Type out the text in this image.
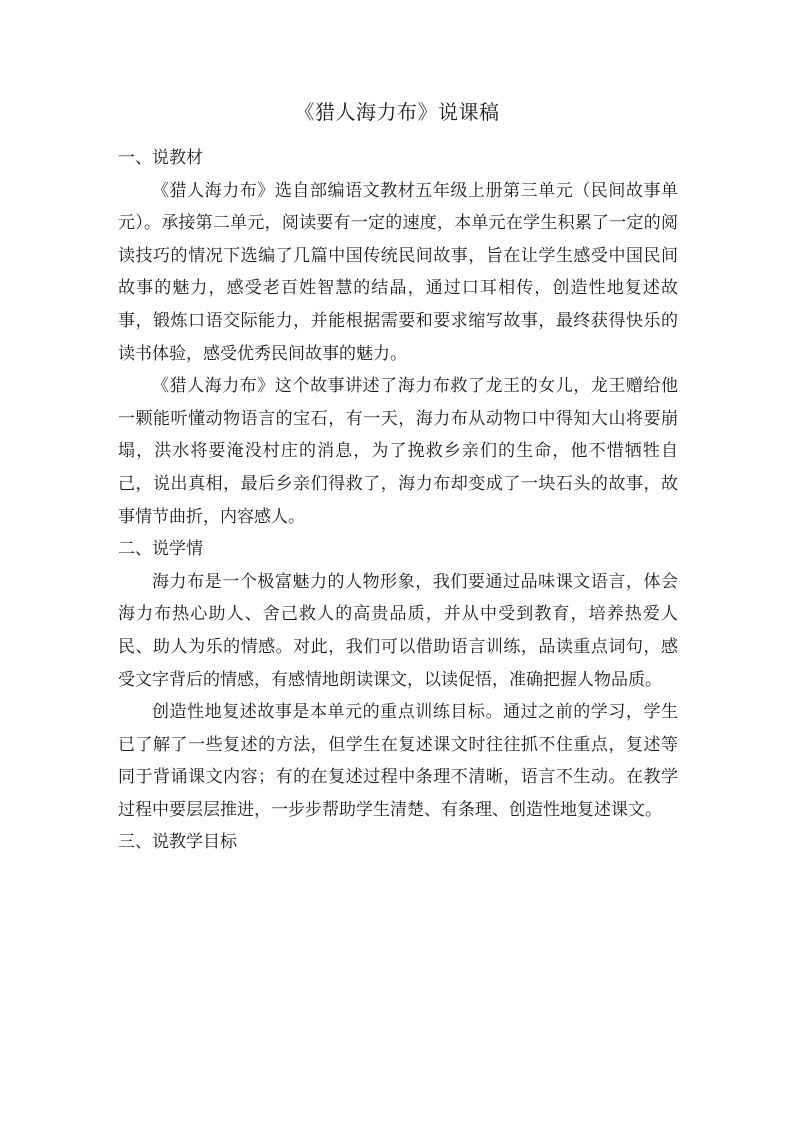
《猎人海力布》说课稿

一、说教材

《猎人海力布》选自部编语文教材五年级上册第三单元（民间故事单元）。承接第二单元，阅读要有一定的速度，本单元在学生积累了一定的阅读技巧的情况下选编了几篇中国传统民间故事，旨在让学生感受中国民间故事的魅力，感受老百姓智慧的结晶，通过口耳相传，创造性地复述故事，锻炼口语交际能力，并能根据需要和要求缩写故事，最终获得快乐的读书体验，感受优秀民间故事的魅力。

《猎人海力布》这个故事讲述了海力布救了龙王的女儿，龙王赠给他一颗能听懂动物语言的宝石，有一天，海力布从动物口中得知大山将要崩塌，洪水将要淹没村庄的消息，为了挽救乡亲们的生命，他不惜牺牲自己，说出真相，最后乡亲们得救了，海力布却变成了一块石头的故事，故事情节曲折，内容感人。

二、说学情

海力布是一个极富魅力的人物形象，我们要通过品味课文语言，体会海力布热心助人、舍己救人的高贵品质，并从中受到教育，培养热爱人民、助人为乐的情感。对此，我们可以借助语言训练，品读重点词句，感受文字背后的情感，有感情地朗读课文，以读促悟，准确把握人物品质。

创造性地复述故事是本单元的重点训练目标。通过之前的学习，学生已了解了一些复述的方法，但学生在复述课文时往往抓不住重点，复述等同于背诵课文内容；有的在复述过程中条理不清晰，语言不生动。在教学过程中要层层推进，一步步帮助学生清楚、有条理、创造性地复述课文。

三、说教学目标
